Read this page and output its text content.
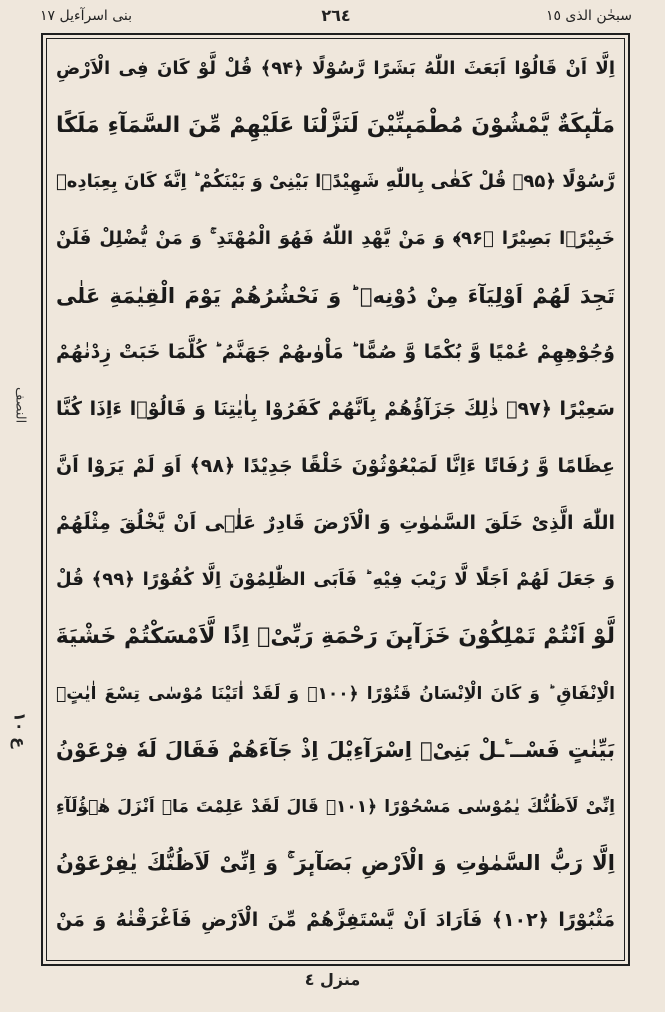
بنی اسرآءیل ١٧	٢٦٤	سبحٰن الذی ١٥
النصف
ع ۱۰
اِلَّا اَنْ قَالُوْا اَبَعَثَ اللّٰهُ بَشَرًا رَّسُوْلًا ﴿۹۴﴾ قُلْ لَّوْ كَانَ فِی الْاَرْضِ
مَلٰٓىٕكَةٌ یَّمْشُوْنَ مُطْمَىٕنِّیْنَ لَنَزَّلْنَا عَلَیْهِمْ مِّنَ السَّمَآءِ مَلَكًا
رَّسُوْلًا ﴿۹۵﴾ قُلْ كَفٰى بِاللّٰهِ شَهِیْدًۢا بَیْنِیْ وَ بَیْنَكُمْ ؕ اِنَّهٗ كَانَ بِعِبَادِهٖ
خَبِیْرًۢا بَصِیْرًا ﴿۹۶﴾ وَ مَنْ یَّهْدِ اللّٰهُ فَهُوَ الْمُهْتَدِ ۚ وَ مَنْ یُّضْلِلْ فَلَنْ
تَجِدَ لَهُمْ اَوْلِیَآءَ مِنْ دُوْنِهٖ ؕ وَ نَحْشُرُهُمْ یَوْمَ الْقِیٰمَةِ عَلٰى
وُجُوْهِهِمْ عُمْیًا وَّ بُكْمًا وَّ صُمًّا ؕ مَاْوٰىهُمْ جَهَنَّمُ ؕ كُلَّمَا خَبَتْ زِدْنٰهُمْ
سَعِیْرًا ﴿۹۷﴾ ذٰلِكَ جَزَآؤُهُمْ بِاَنَّهُمْ كَفَرُوْا بِاٰیٰتِنَا وَ قَالُوْۤا ءَاِذَا كُنَّا
عِظَامًا وَّ رُفَاتًا ءَاِنَّا لَمَبْعُوْثُوْنَ خَلْقًا جَدِیْدًا ﴿۹۸﴾ اَوَ لَمْ یَرَوْا اَنَّ
اللّٰهَ الَّذِیْ خَلَقَ السَّمٰوٰتِ وَ الْاَرْضَ قَادِرٌ عَلٰۤى اَنْ یَّخْلُقَ مِثْلَهُمْ
وَ جَعَلَ لَهُمْ اَجَلًا لَّا رَیْبَ فِیْهِ ؕ فَاَبَى الظّٰلِمُوْنَ اِلَّا كُفُوْرًا ﴿۹۹﴾ قُلْ
لَّوْ اَنْتُمْ تَمْلِكُوْنَ خَزَآىٕنَ رَحْمَةِ رَبِّیْۤ اِذًا لَّاَمْسَكْتُمْ خَشْیَةَ
الْاِنْفَاقِ ؕ وَ كَانَ الْاِنْسَانُ قَتُوْرًا ﴿۱۰۰﴾ وَ لَقَدْ اٰتَیْنَا مُوْسٰى تِسْعَ اٰیٰتٍۭ
بَیِّنٰتٍ فَسْــٴَـلْ بَنِیْۤ اِسْرَآءِیْلَ اِذْ جَآءَهُمْ فَقَالَ لَهٗ فِرْعَوْنُ
اِنِّیْ لَاَظُنُّكَ یٰمُوْسٰى مَسْحُوْرًا ﴿۱۰۱﴾ قَالَ لَقَدْ عَلِمْتَ مَاۤ اَنْزَلَ هٰۤؤُلَآءِ
اِلَّا رَبُّ السَّمٰوٰتِ وَ الْاَرْضِ بَصَآىٕرَ ۚ وَ اِنِّیْ لَاَظُنُّكَ یٰفِرْعَوْنُ
مَثْبُوْرًا ﴿۱۰۲﴾ فَاَرَادَ اَنْ یَّسْتَفِزَّهُمْ مِّنَ الْاَرْضِ فَاَغْرَقْنٰهُ وَ مَنْ
منزل ٤
